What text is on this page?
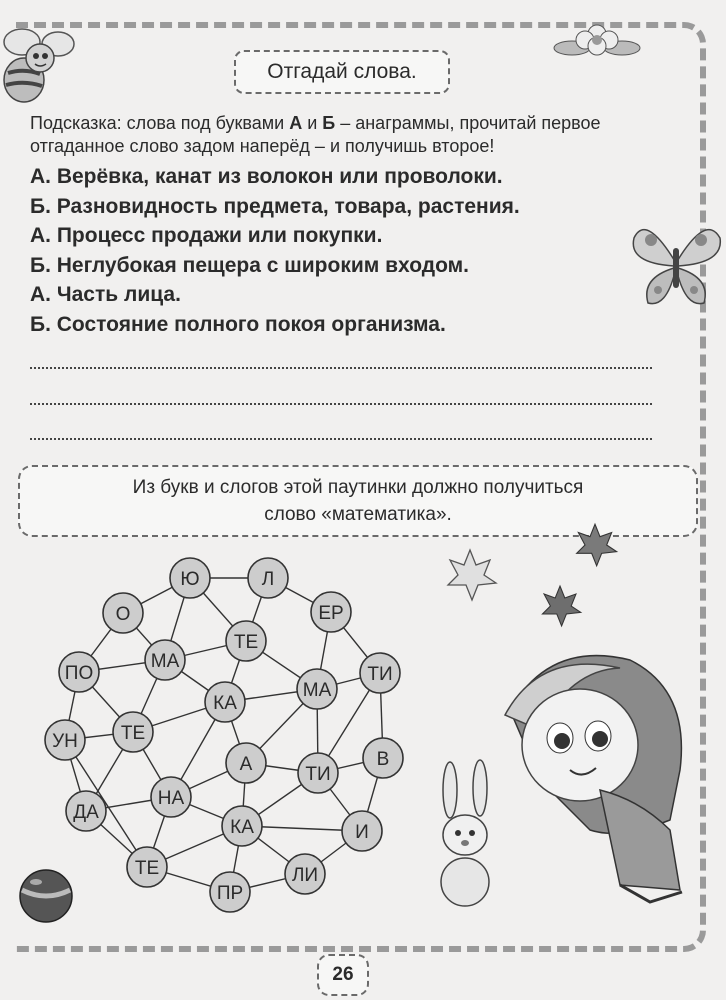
Отгадай слова.
Подсказка: слова под буквами А и Б – анаграммы, прочитай первое отгаданное слово задом наперёд – и получишь второе!
А. Верёвка, канат из волокон или проволоки.
Б. Разновидность предмета, товара, растения.
А. Процесс продажи или покупки.
Б. Неглубокая пещера с широким входом.
А. Часть лица.
Б. Состояние полного покоя организма.
Из букв и слогов этой паутинки должно получиться
слово «математика».
Ю	Л
О	ЕР
ТЕ
МА
ПО
МА
ТИ
КА
ТЕ
УН
А	ТИ
В
НА
ДА
КА	И
ТЕ	ЛИ
ПР
26
